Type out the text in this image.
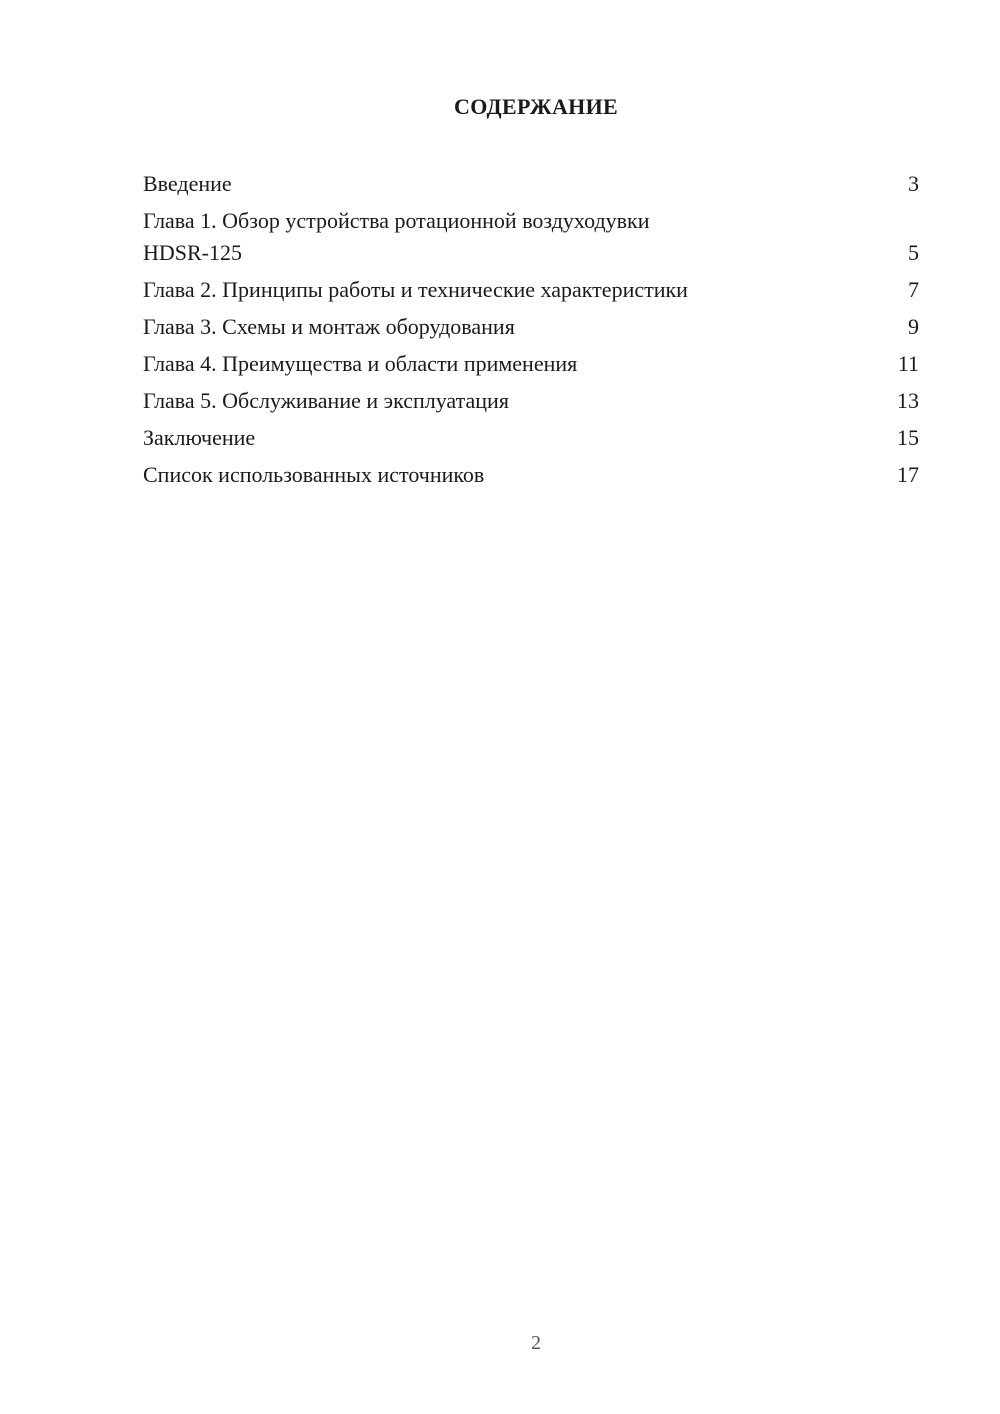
СОДЕРЖАНИЕ
Введение	3
Глава 1. Обзор устройства ротационной воздуходувки
HDSR-125	5
Глава 2. Принципы работы и технические характеристики	7
Глава 3. Схемы и монтаж оборудования	9
Глава 4. Преимущества и области применения	11
Глава 5. Обслуживание и эксплуатация	13
Заключение	15
Список использованных источников	17
2
